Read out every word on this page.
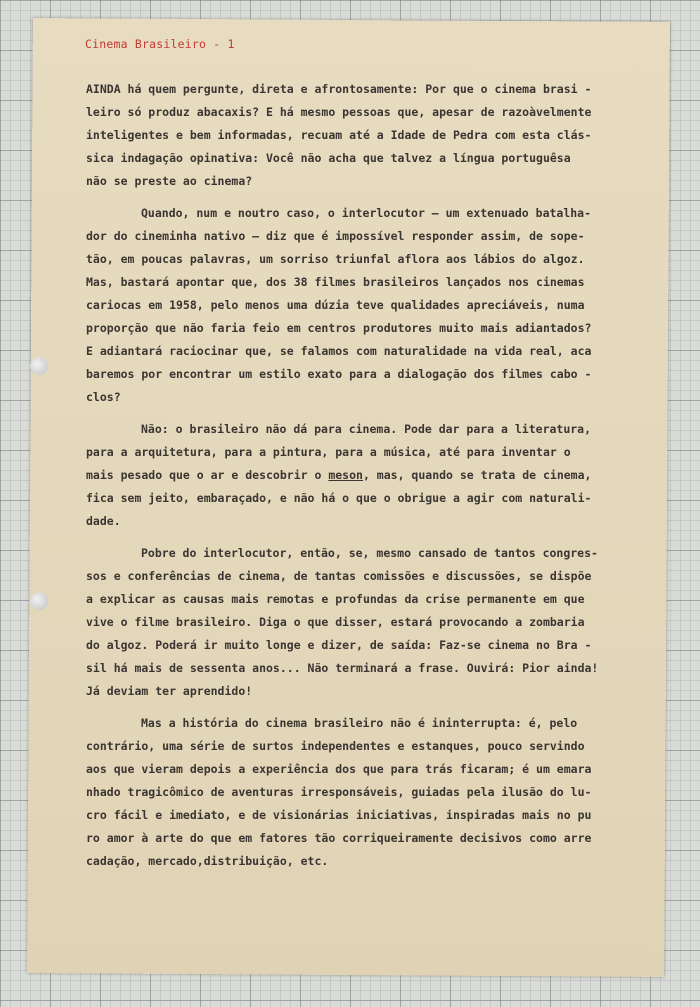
Cinema Brasileiro - 1
AINDA há quem pergunte, direta e afrontosamente: Por que o cinema brasi -
leiro só produz abacaxis? E há mesmo pessoas que, apesar de razoàvelmente
inteligentes e bem informadas, recuam até a Idade de Pedra com esta clás-
sica indagação opinativa: Você não acha que talvez a língua portuguêsa
não se preste ao cinema?
Quando, num e noutro caso, o interlocutor — um extenuado batalha-
dor do cineminha nativo — diz que é impossível responder assim, de sope-
tão, em poucas palavras, um sorriso triunfal aflora aos lábios do algoz.
Mas, bastará apontar que, dos 38 filmes brasileiros lançados nos cinemas
cariocas em 1958, pelo menos uma dúzia teve qualidades apreciáveis, numa
proporção que não faria feio em centros produtores muito mais adiantados?
E adiantará raciocinar que, se falamos com naturalidade na vida real, aca
baremos por encontrar um estilo exato para a dialogação dos filmes cabo -
clos?
Não: o brasileiro não dá para cinema. Pode dar para a literatura,
para a arquitetura, para a pintura, para a música, até para inventar o
mais pesado que o ar e descobrir o meson, mas, quando se trata de cinema,
fica sem jeito, embaraçado, e não há o que o obrigue a agir com naturali-
dade.
Pobre do interlocutor, então, se, mesmo cansado de tantos congres-
sos e conferências de cinema, de tantas comissões e discussões, se dispõe
a explicar as causas mais remotas e profundas da crise permanente em que
vive o filme brasileiro. Diga o que disser, estará provocando a zombaria
do algoz. Poderá ir muito longe e dizer, de saída: Faz-se cinema no Bra -
sil há mais de sessenta anos... Não terminará a frase. Ouvirá: Pior ainda!
Já deviam ter aprendido!
Mas a história do cinema brasileiro não é ininterrupta: é, pelo
contrário, uma série de surtos independentes e estanques, pouco servindo
aos que vieram depois a experiência dos que para trás ficaram; é um emara
nhado tragicômico de aventuras irresponsáveis, guiadas pela ilusão do lu-
cro fácil e imediato, e de visionárias iniciativas, inspiradas mais no pu
ro amor à arte do que em fatores tão corriqueiramente decisivos como arre
cadação, mercado,distribuição, etc.
